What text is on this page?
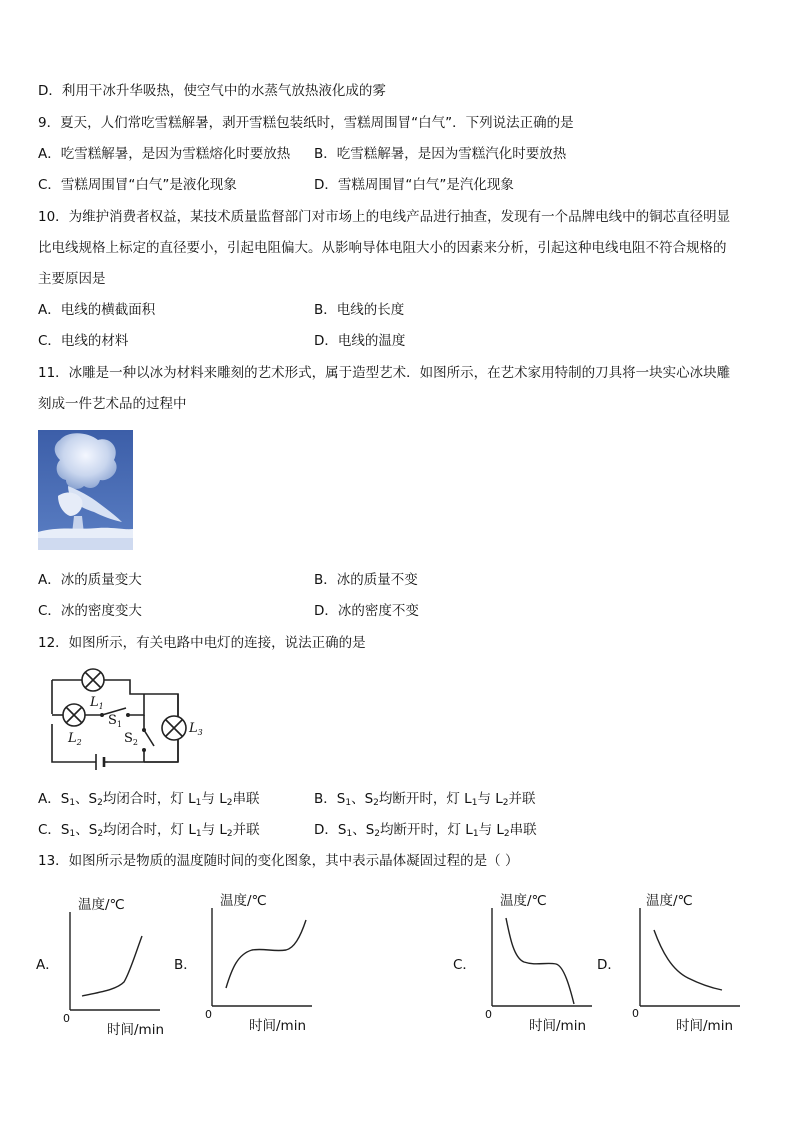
D．利用干冰升华吸热，使空气中的水蒸气放热液化成的雾
9．夏天，人们常吃雪糕解暑，剥开雪糕包装纸时，雪糕周围冒“白气”．下列说法正确的是
A．吃雪糕解暑，是因为雪糕熔化时要放热 B．吃雪糕解暑，是因为雪糕汽化时要放热
C．雪糕周围冒“白气”是液化现象	D．雪糕周围冒“白气”是汽化现象
10．为维护消费者权益，某技术质量监督部门对市场上的电线产品进行抽查，发现有一个品牌电线中的铜芯直径明显
比电线规格上标定的直径要小，引起电阻偏大。从影响导体电阻大小的因素来分析，引起这种电线电阻不符合规格的
主要原因是
A．电线的横截面积	B．电线的长度
C．电线的材料	D．电线的温度
11．冰雕是一种以冰为材料来雕刻的艺术形式，属于造型艺术．如图所示，在艺术家用特制的刀具将一块实心冰块雕
刻成一件艺术品的过程中
A．冰的质量变大	B．冰的质量不变
C．冰的密度变大	D．冰的密度不变
12．如图所示，有关电路中电灯的连接，说法正确的是
$L_1$
$L_2$
$L_3$
$S_1$
$S_2$
A．$S_1$、$S_2$均闭合时，灯 $L_1$与 $L_2$串联	B．$S_1$、$S_2$均断开时，灯 $L_1$与 $L_2$并联
C．$S_1$、$S_2$均闭合时，灯 $L_1$与 $L_2$并联	D．$S_1$、$S_2$均断开时，灯 $L_1$与 $L_2$串联
13．如图所示是物质的温度随时间的变化图象，其中表示晶体凝固过程的是（ ）
A．
温度/℃
0
时间/min
B．
温度/℃
0
时间/min
C．
温度/℃
0
时间/min
D．
温度/℃
0
时间/min
